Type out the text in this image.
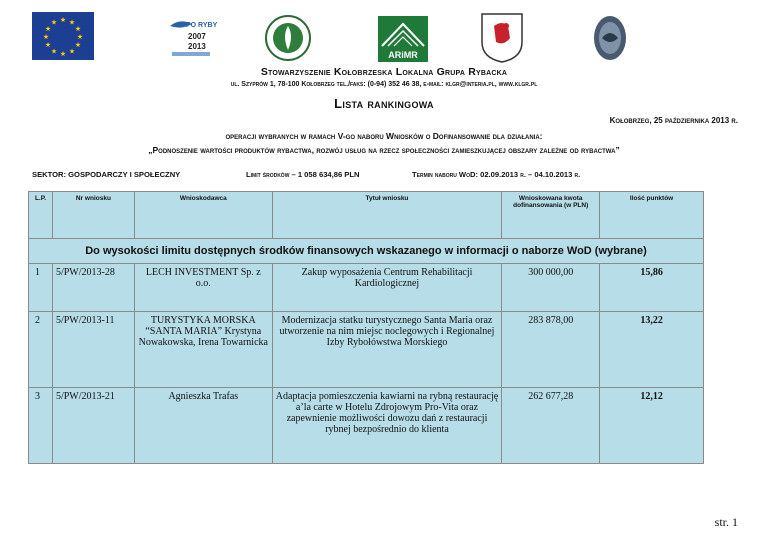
★ ★
★
★
★
★
★
★
★
★
★
★	PO RYBY
2007
2013
ARiMR
Stowarzyszenie Kołobrzeska Lokalna Grupa Rybacka
ul. Szyprów 1, 78-100 Kołobrzeg tel./faks: (0-94) 352 46 38, e-mail: klgr@interia.pl, www.klgr.pl
Lista rankingowa
Kołobrzeg, 25 października 2013 r.
operacji wybranych w ramach V-go naboru Wniosków o Dofinansowanie dla działania:
„Podnoszenie wartości produktów rybactwa, rozwój usług na rzecz społeczności zamieszkującej obszary zależne od rybactwa”
SEKTOR: GOSPODARCZY I SPOŁECZNY	Limit środków – 1 058 634,86 PLN	Termin naboru WoD: 02.09.2013 r. – 04.10.2013 r.
L.P.	Nr wniosku	Wnioskodawca	Tytuł wniosku	Wnioskowana kwota dofinansowania (w PLN)	Ilość punktów
Do wysokości limitu dostępnych środków finansowych wskazanego w informacji o naborze WoD (wybrane)					
1	5/PW/2013-28	LECH INVESTMENT Sp. z o.o.	Zakup wyposażenia Centrum Rehabilitacji Kardiologicznej	300 000,00	15,86
2	5/PW/2013-11	TURYSTYKA MORSKA “SANTA MARIA” Krystyna Nowakowska, Irena Towarnicka	Modernizacja statku turystycznego Santa Maria oraz utworzenie na nim miejsc noclegowych i Regionalnej Izby Rybołówstwa Morskiego	283 878,00	13,22
3	5/PW/2013-21	Agnieszka Trafas	Adaptacja pomieszczenia kawiarni na rybną restaurację a’la carte w Hotelu Zdrojowym Pro-Vita oraz zapewnienie możliwości dowozu dań z restauracji rybnej bezpośrednio do klienta	262 677,28	12,12
str. 1
